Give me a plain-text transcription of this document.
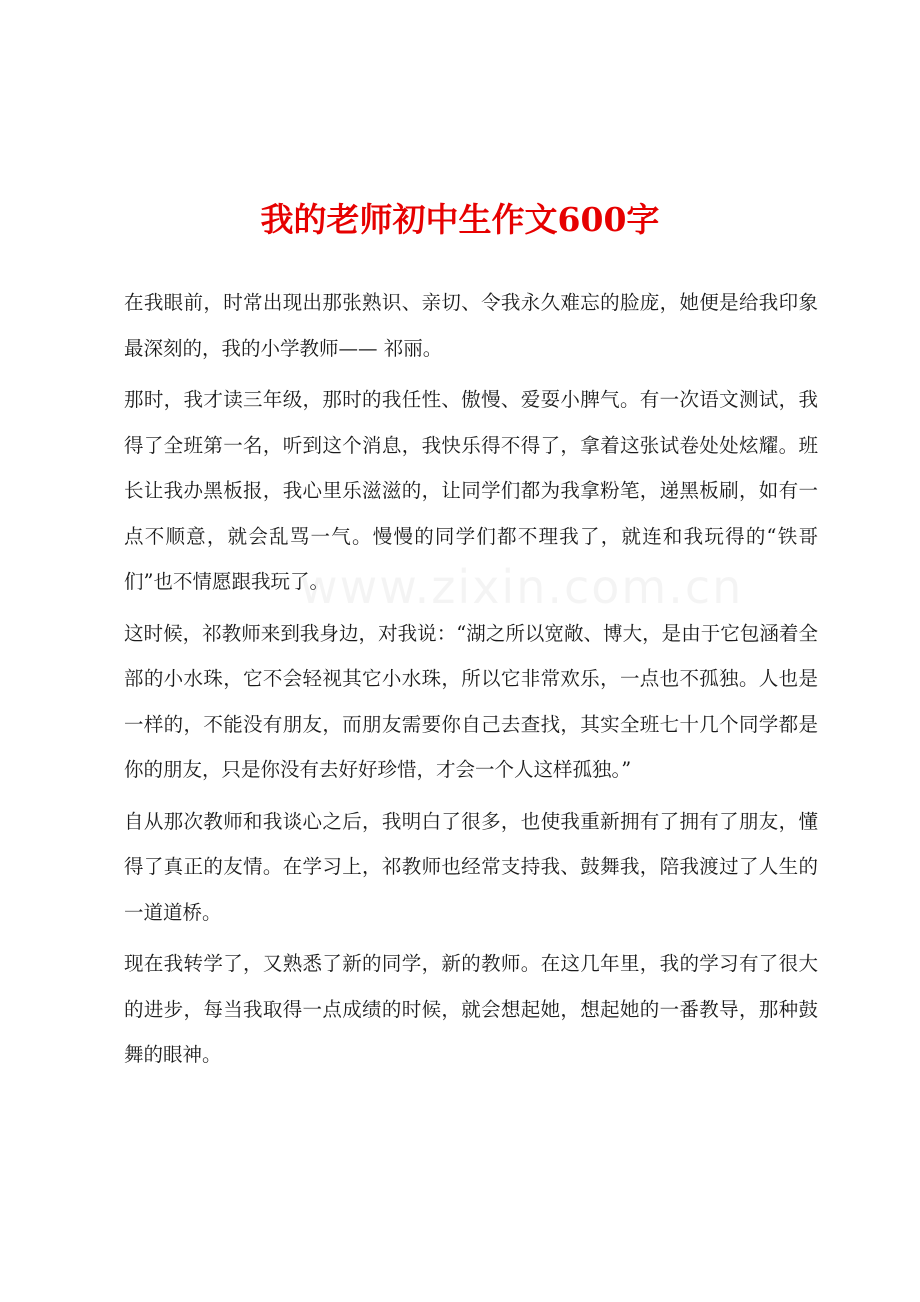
我的老师初中生作文600字

在我眼前，时常出现出那张熟识、亲切、令我永久难忘的脸庞，她便是给我印象最深刻的，我的小学教师—— 祁丽。

那时，我才读三年级，那时的我任性、傲慢、爱耍小脾气。有一次语文测试，我得了全班第一名，听到这个消息，我快乐得不得了，拿着这张试卷处处炫耀。班长让我办黑板报，我心里乐滋滋的，让同学们都为我拿粉笔，递黑板刷，如有一点不顺意，就会乱骂一气。慢慢的同学们都不理我了，就连和我玩得的“铁哥们”也不情愿跟我玩了。

这时候，祁教师来到我身边，对我说：“湖之所以宽敞、博大，是由于它包涵着全部的小水珠，它不会轻视其它小水珠，所以它非常欢乐，一点也不孤独。人也是一样的，不能没有朋友，而朋友需要你自己去查找，其实全班七十几个同学都是你的朋友，只是你没有去好好珍惜，才会一个人这样孤独。”

自从那次教师和我谈心之后，我明白了很多，也使我重新拥有了拥有了朋友，懂得了真正的友情。在学习上，祁教师也经常支持我、鼓舞我，陪我渡过了人生的一道道桥。

现在我转学了，又熟悉了新的同学，新的教师。在这几年里，我的学习有了很大的进步，每当我取得一点成绩的时候，就会想起她，想起她的一番教导，那种鼓舞的眼神。
